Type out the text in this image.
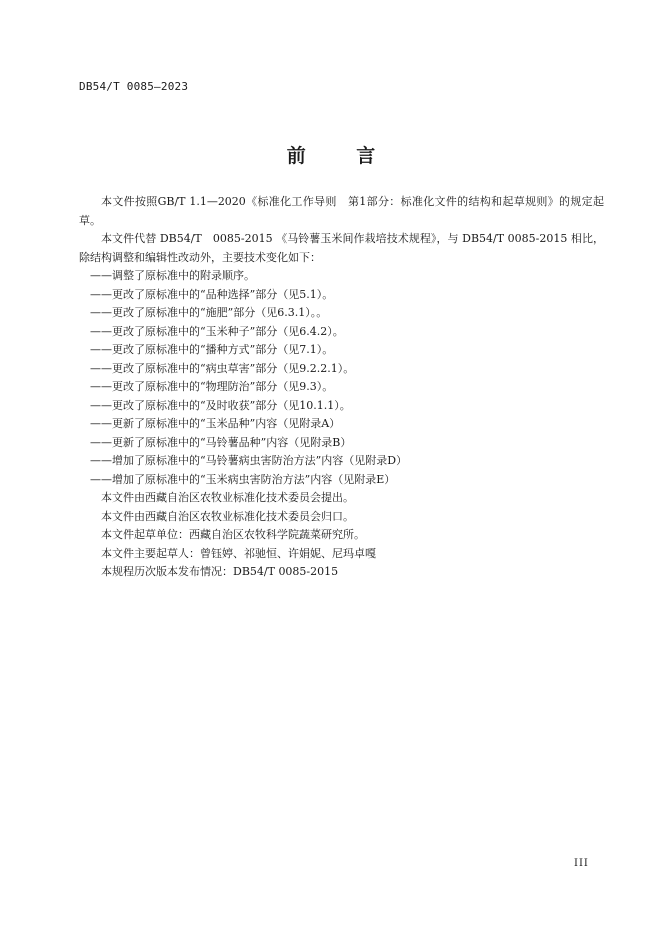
DB54/T 0085—2023
前 言

本文件按照GB/T 1.1—2020《标准化工作导则　第1部分：标准化文件的结构和起草规则》的规定起草。

本文件代替 DB54/T　0085-2015 《马铃薯玉米间作栽培技术规程》，与 DB54/T 0085-2015 相比，除结构调整和编辑性改动外，主要技术变化如下：

——调整了原标准中的附录顺序。

——更改了原标准中的“品种选择”部分（见5.1）。

——更改了原标准中的“施肥”部分（见6.3.1）。。

——更改了原标准中的“玉米种子”部分（见6.4.2）。

——更改了原标准中的“播种方式”部分（见7.1）。

——更改了原标准中的“病虫草害”部分（见9.2.2.1）。

——更改了原标准中的“物理防治”部分（见9.3）。

——更改了原标准中的“及时收获”部分（见10.1.1）。

——更新了原标准中的“玉米品种”内容（见附录A）

——更新了原标准中的“马铃薯品种”内容（见附录B）

——增加了原标准中的“马铃薯病虫害防治方法”内容（见附录D）

——增加了原标准中的“玉米病虫害防治方法”内容（见附录E）

本文件由西藏自治区农牧业标准化技术委员会提出。

本文件由西藏自治区农牧业标准化技术委员会归口。

本文件起草单位：西藏自治区农牧科学院蔬菜研究所。

本文件主要起草人：曾钰婷、祁驰恒、许娟妮、尼玛卓嘎

本规程历次版本发布情况：DB54/T 0085-2015

III
